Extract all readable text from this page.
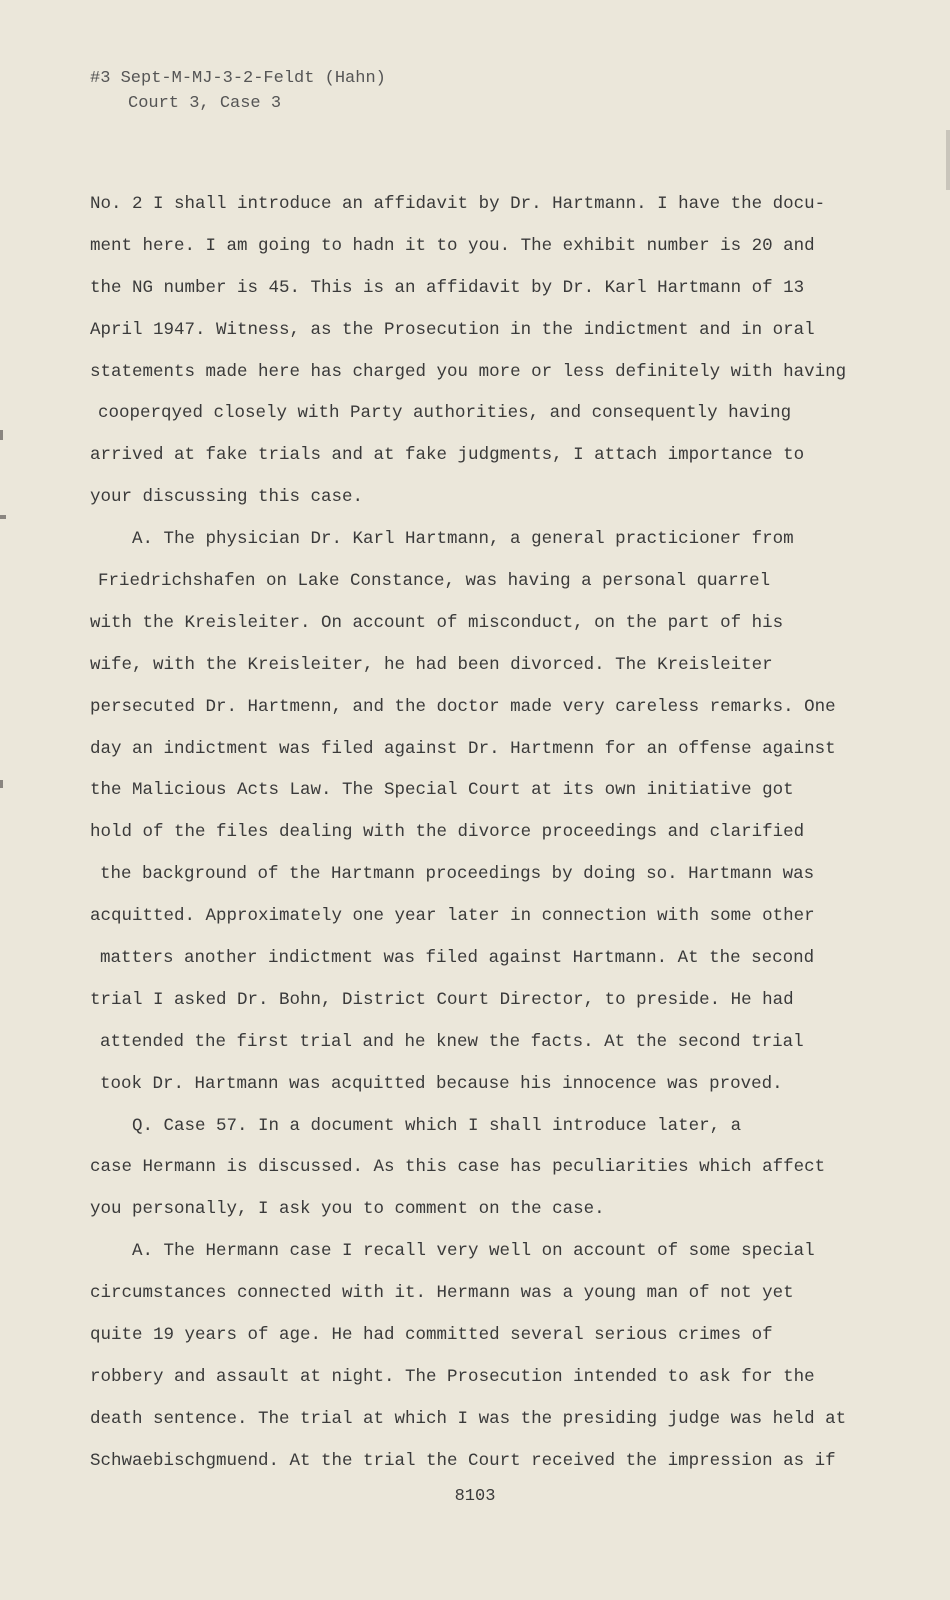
#3 Sept-M-MJ-3-2-Feldt (Hahn)
Court 3, Case 3
No. 2 I shall introduce an affidavit by Dr. Hartmann. I have the docu-
ment here. I am going to hadn it to you. The exhibit number is 20 and
the NG number is 45. This is an affidavit by Dr. Karl Hartmann of 13
April 1947. Witness, as the Prosecution in the indictment and in oral
statements made here has charged you more or less definitely with having
cooperqyed closely with Party authorities, and consequently having
arrived at fake trials and at fake judgments, I attach importance to
your discussing this case.
A. The physician Dr. Karl Hartmann, a general practicioner from
Friedrichshafen on Lake Constance, was having a personal quarrel
with the Kreisleiter. On account of misconduct, on the part of his
wife, with the Kreisleiter, he had been divorced. The Kreisleiter
persecuted Dr. Hartmenn, and the doctor made very careless remarks. One
day an indictment was filed against Dr. Hartmenn for an offense against
the Malicious Acts Law. The Special Court at its own initiative got
hold of the files dealing with the divorce proceedings and clarified
the background of the Hartmann proceedings by doing so. Hartmann was
acquitted. Approximately one year later in connection with some other
matters another indictment was filed against Hartmann. At the second
trial I asked Dr. Bohn, District Court Director, to preside. He had
attended the first trial and he knew the facts. At the second trial
took Dr. Hartmann was acquitted because his innocence was proved.
Q. Case 57. In a document which I shall introduce later, a
case Hermann is discussed. As this case has peculiarities which affect
you personally, I ask you to comment on the case.
A. The Hermann case I recall very well on account of some special
circumstances connected with it. Hermann was a young man of not yet
quite 19 years of age. He had committed several serious crimes of
robbery and assault at night. The Prosecution intended to ask for the
death sentence. The trial at which I was the presiding judge was held at
Schwaebischgmuend. At the trial the Court received the impression as if
8103
